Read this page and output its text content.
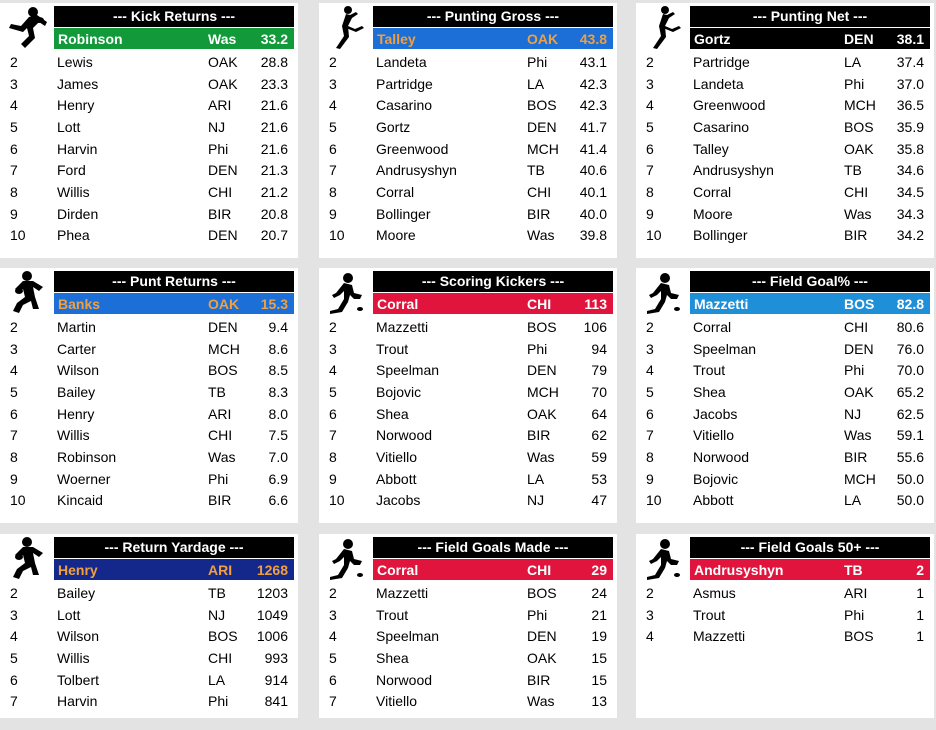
--- Kick Returns ---
Robinson	Was 33.2
2	Lewis	OAK 28.8
3	James	OAK 23.3
4	Henry	ARI 21.6
5	Lott	NJ	21.6
6	Harvin	Phi 21.6
7	Ford	DEN 21.3
8	Willis	CHI 21.2
9	Dirden	BIR 20.8
10	Phea	DEN 20.7
--- Punting Gross ---
Talley	OAK 43.8
2	Landeta	Phi 43.1
3	Partridge	LA	42.3
4	Casarino	BOS 42.3
5	Gortz	DEN 41.7
6	Greenwood	MCH 41.4
7	Andrusyshyn	TB 40.6
8	Corral	CHI 40.1
9	Bollinger	BIR 40.0
10	Moore	Was 39.8
--- Punting Net ---
Gortz	DEN 38.1
2	Partridge	LA	37.4
3	Landeta	Phi 37.0
4	Greenwood	MCH 36.5
5	Casarino	BOS 35.9
6	Talley	OAK 35.8
7	Andrusyshyn	TB 34.6
8	Corral	CHI 34.5
9	Moore	Was 34.3
10	Bollinger	BIR 34.2
--- Punt Returns ---
Banks	OAK 15.3
2	Martin	DEN 9.4
3	Carter	MCH 8.6
4	Wilson	BOS 8.5
5	Bailey	TB	8.3
6	Henry	ARI	8.0
7	Willis	CHI	7.5
8	Robinson	Was 7.0
9	Woerner	Phi	6.9
10	Kincaid	BIR	6.6
--- Scoring Kickers ---
Corral	CHI 113
2	Mazzetti	BOS 106
3	Trout	Phi	94
4	Speelman	DEN 79
5	Bojovic	MCH 70
6	Shea	OAK 64
7	Norwood	BIR	62
8	Vitiello	Was	59
9	Abbott	LA	53
10	Jacobs	NJ	47
--- Field Goal% ---
Mazzetti	BOS 82.8
2	Corral	CHI 80.6
3	Speelman	DEN 76.0
4	Trout	Phi 70.0
5	Shea	OAK 65.2
6	Jacobs	NJ	62.5
7	Vitiello	Was 59.1
8	Norwood	BIR 55.6
9	Bojovic	MCH 50.0
10	Abbott	LA	50.0
--- Return Yardage ---
Henry	ARI 1268
2	Bailey	TB 1203
3	Lott	NJ 1049
4	Wilson	BOS 1006
5	Willis	CHI 993
6	Tolbert	LA	914
7	Harvin	Phi	841
--- Field Goals Made ---
Corral	CHI	29
2	Mazzetti	BOS 24
3	Trout	Phi	21
4	Speelman	DEN 19
5	Shea	OAK 15
6	Norwood	BIR	15
7	Vitiello	Was	13
--- Field Goals 50+ ---
Andrusyshyn	TB	2
2	Asmus	ARI	1
3	Trout	Phi	1
4	Mazzetti	BOS	1
